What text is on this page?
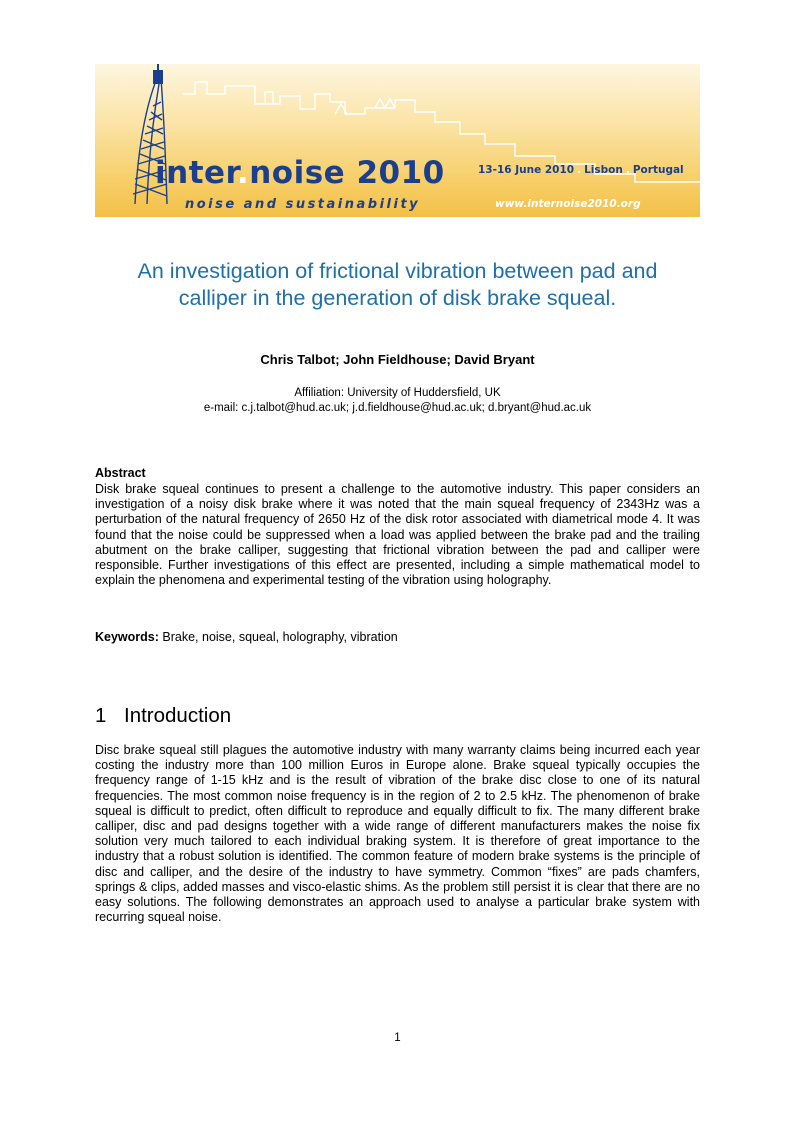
inter.noise 2010	13-16 June 2010 . Lisbon . Portugal
noise and sustainability	www.internoise2010.org
An investigation of frictional vibration between pad and
calliper in the generation of disk brake squeal.
Chris Talbot; John Fieldhouse; David Bryant
Affiliation: University of Huddersfield, UK
e-mail: c.j.talbot@hud.ac.uk; j.d.fieldhouse@hud.ac.uk; d.bryant@hud.ac.uk
Abstract

Disk brake squeal continues to present a challenge to the automotive industry. This paper considers an investigation of a noisy disk brake where it was noted that the main squeal frequency of 2343Hz was a perturbation of the natural frequency of 2650 Hz of the disk rotor associated with diametrical mode 4. It was found that the noise could be suppressed when a load was applied between the brake pad and the trailing abutment on the brake calliper, suggesting that frictional vibration between the pad and calliper were responsible. Further investigations of this effect are presented, including a simple mathematical model to explain the phenomena and experimental testing of the vibration using holography.

Keywords: Brake, noise, squeal, holography, vibration
1 Introduction

Disc brake squeal still plagues the automotive industry with many warranty claims being incurred each year costing the industry more than 100 million Euros in Europe alone. Brake squeal typically occupies the frequency range of 1-15 kHz and is the result of vibration of the brake disc close to one of its natural frequencies. The most common noise frequency is in the region of 2 to 2.5 kHz. The phenomenon of brake squeal is difficult to predict, often difficult to reproduce and equally difficult to fix. The many different brake calliper, disc and pad designs together with a wide range of different manufacturers makes the noise fix solution very much tailored to each individual braking system. It is therefore of great importance to the industry that a robust solution is identified. The common feature of modern brake systems is the principle of disc and calliper, and the desire of the industry to have symmetry. Common “fixes” are pads chamfers, springs & clips, added masses and visco-elastic shims. As the problem still persist it is clear that there are no easy solutions. The following demonstrates an approach used to analyse a particular brake system with recurring squeal noise.

1
